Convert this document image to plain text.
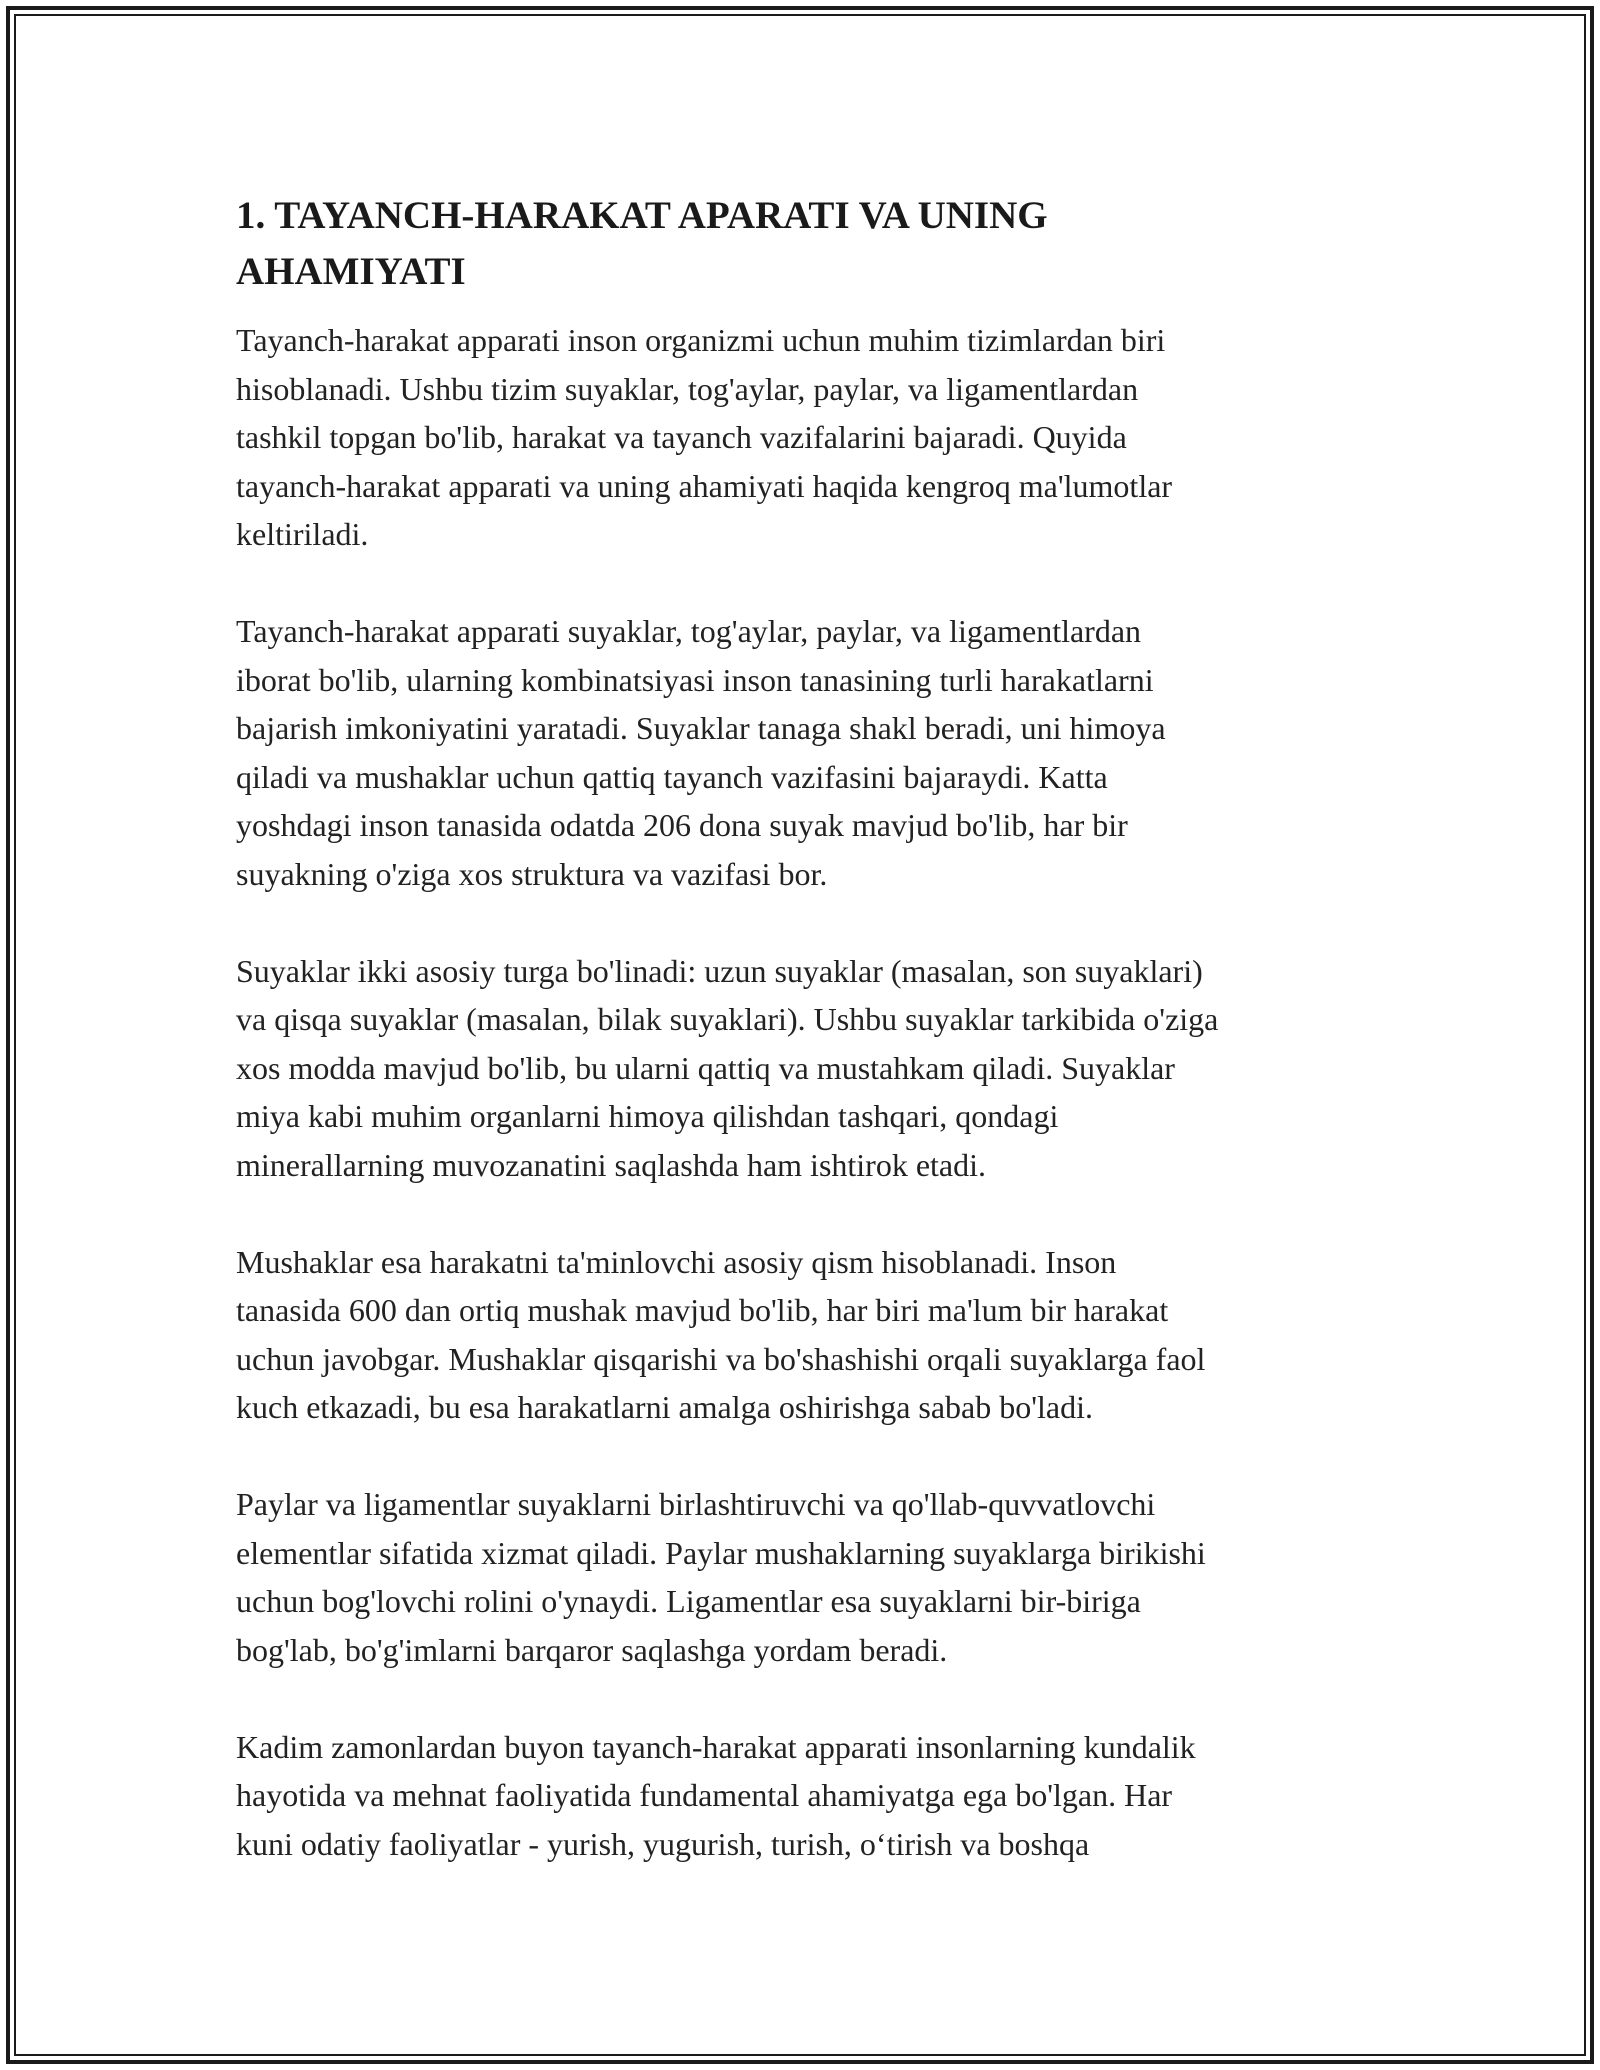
1. TAYANCH-HARAKAT APARATI VA UNING AHAMIYATI

Tayanch-harakat apparati inson organizmi uchun muhim tizimlardan biri
hisoblanadi. Ushbu tizim suyaklar, tog'aylar, paylar, va ligamentlardan
tashkil topgan bo'lib, harakat va tayanch vazifalarini bajaradi. Quyida
tayanch-harakat apparati va uning ahamiyati haqida kengroq ma'lumotlar
keltiriladi.

Tayanch-harakat apparati suyaklar, tog'aylar, paylar, va ligamentlardan
iborat bo'lib, ularning kombinatsiyasi inson tanasining turli harakatlarni
bajarish imkoniyatini yaratadi. Suyaklar tanaga shakl beradi, uni himoya
qiladi va mushaklar uchun qattiq tayanch vazifasini bajaraydi. Katta
yoshdagi inson tanasida odatda 206 dona suyak mavjud bo'lib, har bir
suyakning o'ziga xos struktura va vazifasi bor.

Suyaklar ikki asosiy turga bo'linadi: uzun suyaklar (masalan, son suyaklari)
va qisqa suyaklar (masalan, bilak suyaklari). Ushbu suyaklar tarkibida o'ziga
xos modda mavjud bo'lib, bu ularni qattiq va mustahkam qiladi. Suyaklar
miya kabi muhim organlarni himoya qilishdan tashqari, qondagi
minerallarning muvozanatini saqlashda ham ishtirok etadi.

Mushaklar esa harakatni ta'minlovchi asosiy qism hisoblanadi. Inson
tanasida 600 dan ortiq mushak mavjud bo'lib, har biri ma'lum bir harakat
uchun javobgar. Mushaklar qisqarishi va bo'shashishi orqali suyaklarga faol
kuch etkazadi, bu esa harakatlarni amalga oshirishga sabab bo'ladi.

Paylar va ligamentlar suyaklarni birlashtiruvchi va qo'llab-quvvatlovchi
elementlar sifatida xizmat qiladi. Paylar mushaklarning suyaklarga birikishi
uchun bog'lovchi rolini o'ynaydi. Ligamentlar esa suyaklarni bir-biriga
bog'lab, bo'g'imlarni barqaror saqlashga yordam beradi.

Kadim zamonlardan buyon tayanch-harakat apparati insonlarning kundalik
hayotida va mehnat faoliyatida fundamental ahamiyatga ega bo'lgan. Har
kuni odatiy faoliyatlar - yurish, yugurish, turish, o‘tirish va boshqa
